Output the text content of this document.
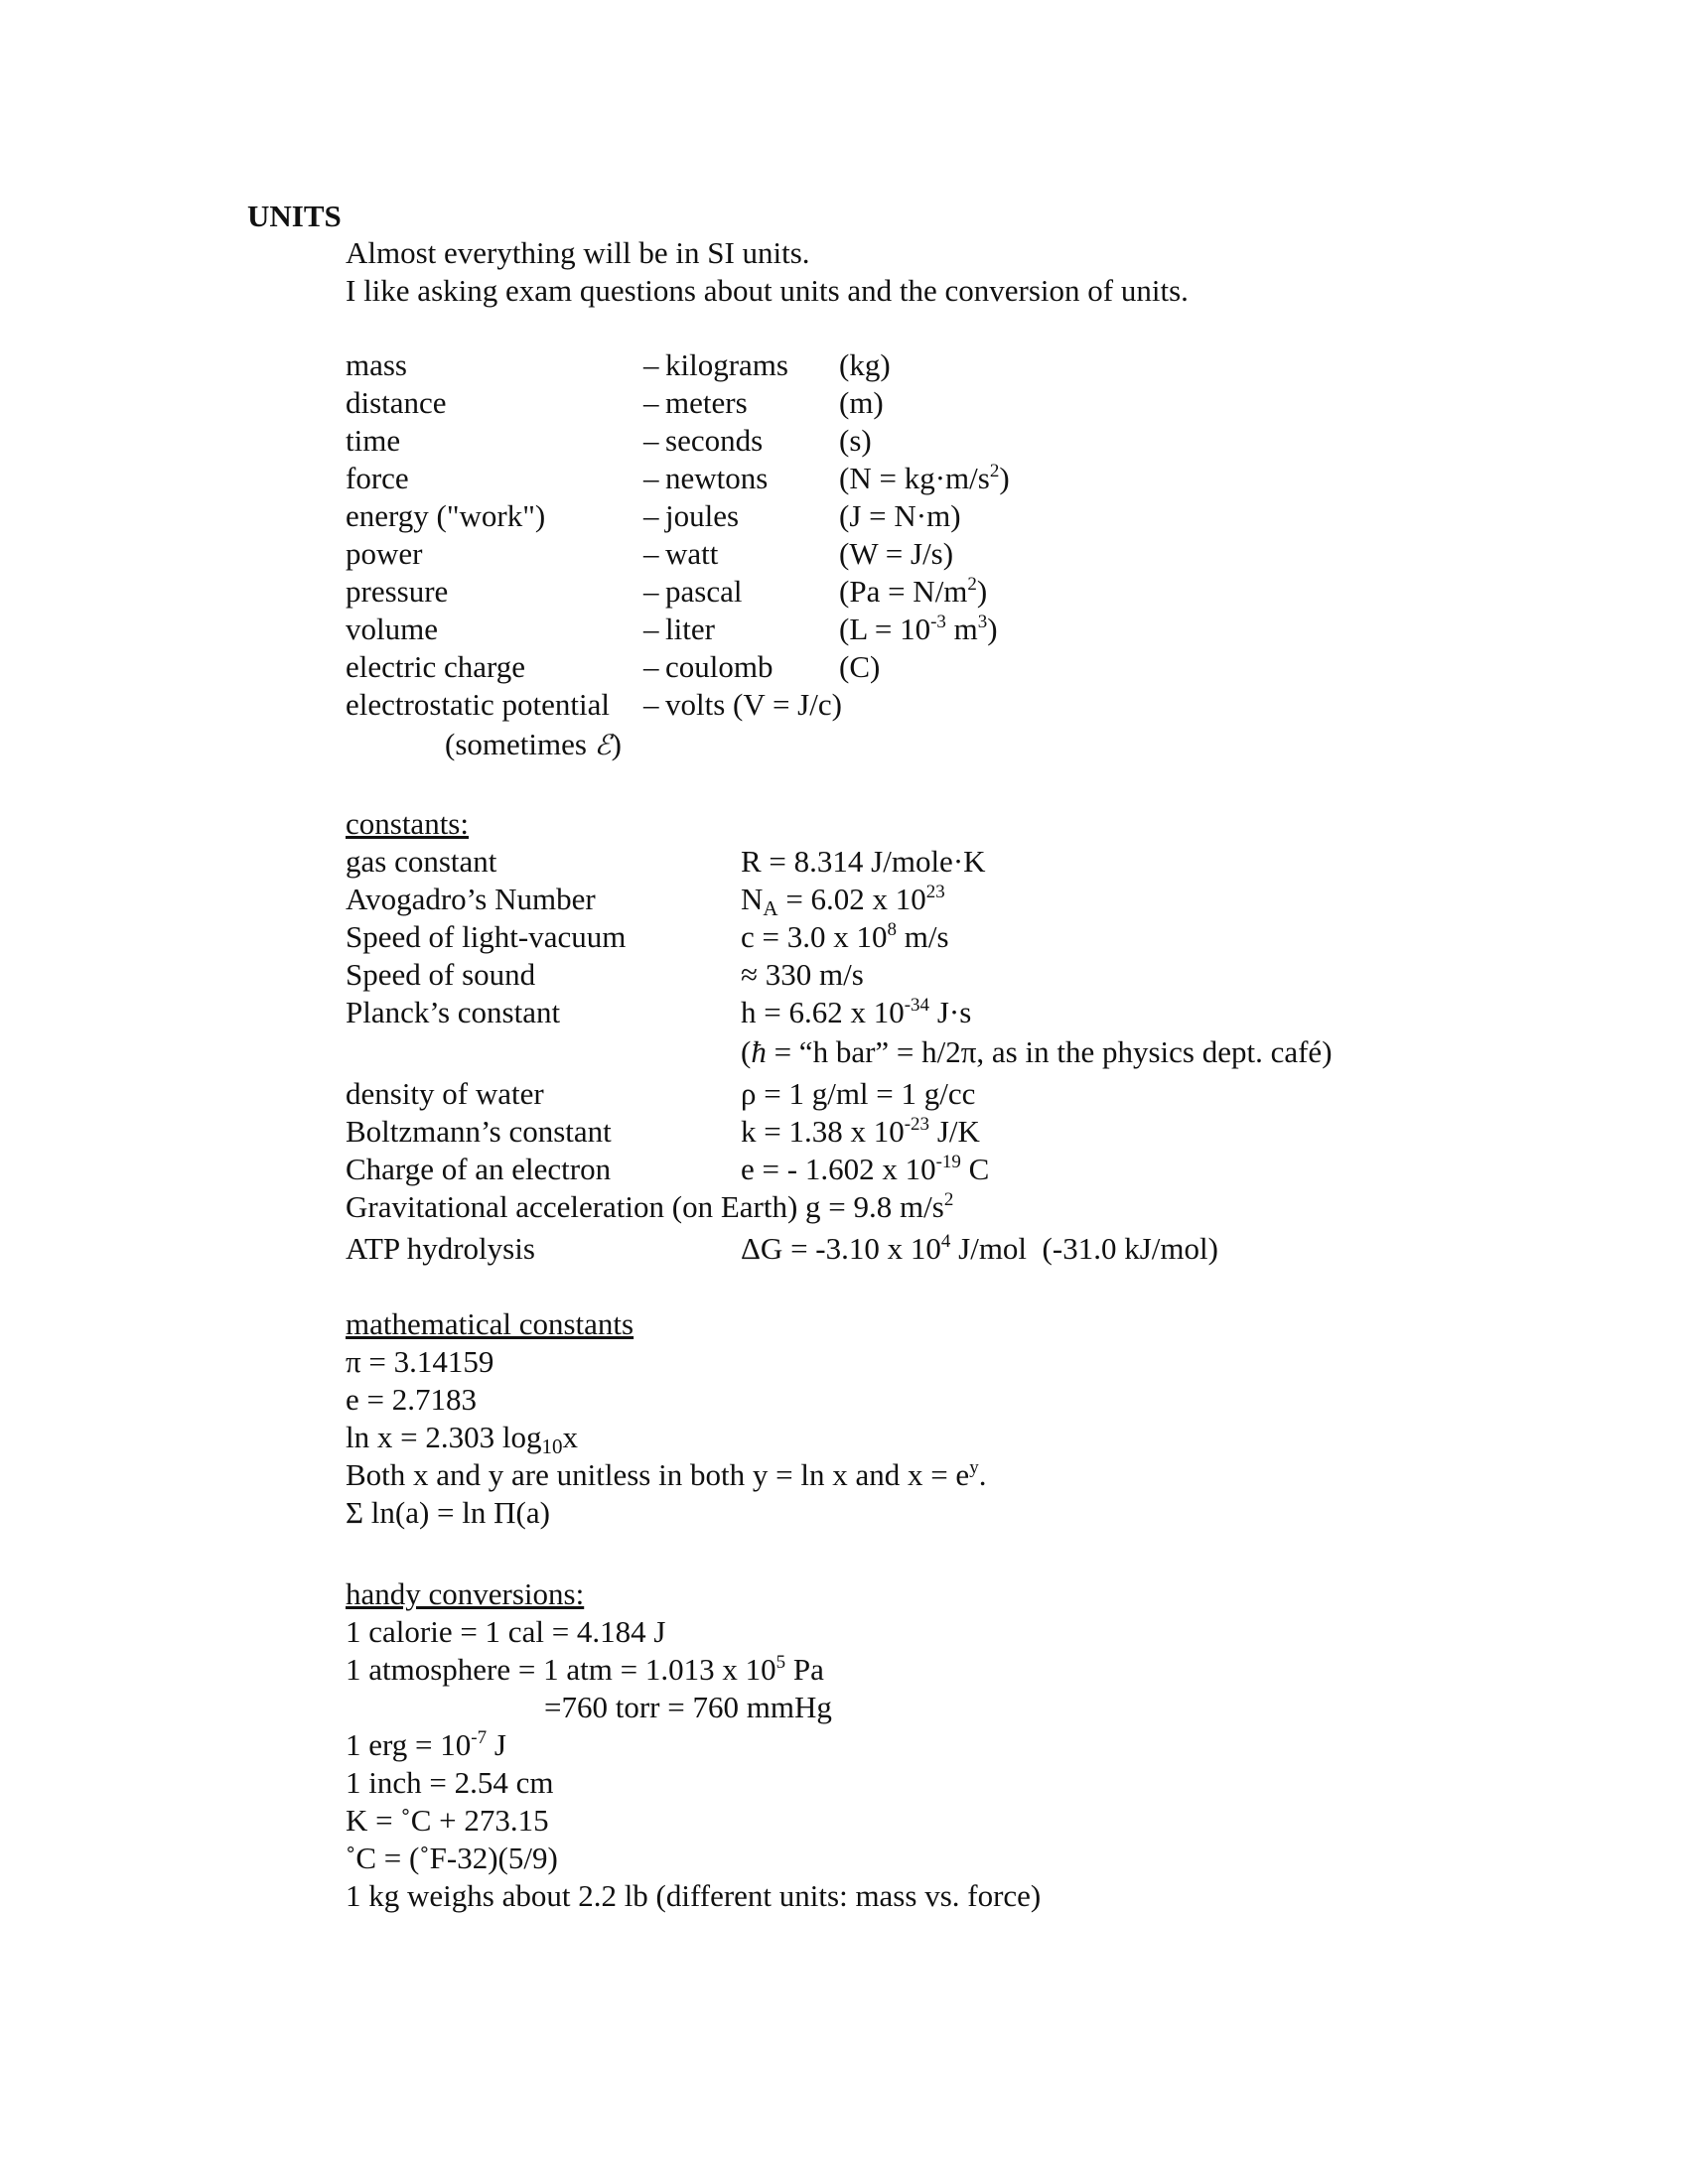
UNITS
Almost everything will be in SI units.
I like asking exam questions about units and the conversion of units.
mass	– kilograms (kg)
distance	– meters	(m)
time	– seconds (s)
force	– newtons $(N = kg\cdot m/s^2)$
energy ("work")	– joules	(J = N·m)
power	– watt	(W = J/s)
pressure	– pascal	$(Pa = N/m^2)$
volume	– liter	($L = 10^{-3}$ $m^3$)
electric charge	– coulomb (C)
electrostatic potential – volts (V = J/c)
(sometimes ℰ)
constants:
gas constant	R = 8.314 J/mole·K
Avogadro’s Number	$N_A = 6.02$ x $10^{23}$
Speed of light-vacuum	c = 3.0 x $10^8$ m/s
Speed of sound	≈ 330 m/s
Planck’s constant	h = 6.62 x $10^{-34}$ J·s
(ħ = “h bar” = h/2π, as in the physics dept. café)
density of water	ρ = 1 g/ml = 1 g/cc
Boltzmann’s constant	k = 1.38 x $10^{-23}$ J/K
Charge of an electron	e = - 1.602 x $10^{-19}$ C
Gravitational acceleration (on Earth) g = 9.8 $m/s^2$
ATP hydrolysis	ΔG = -3.10 x $10^4$ J/mol  (-31.0 kJ/mol)
mathematical constants
π = 3.14159
e = 2.7183
ln x = 2.303 $\log_{10}x$
Both x and y are unitless in both y = ln x and $x = e^y$.
Σ ln(a) = ln Π(a)
handy conversions:
1 calorie = 1 cal = 4.184 J
1 atmosphere = 1 atm = 1.013 x $10^5$ Pa
=760 torr = 760 mmHg
1 erg = $10^{-7}$ J
1 inch = 2.54 cm
K = ˚C + 273.15
˚C = (˚F-32)(5/9)
1 kg weighs about 2.2 lb (different units: mass vs. force)
